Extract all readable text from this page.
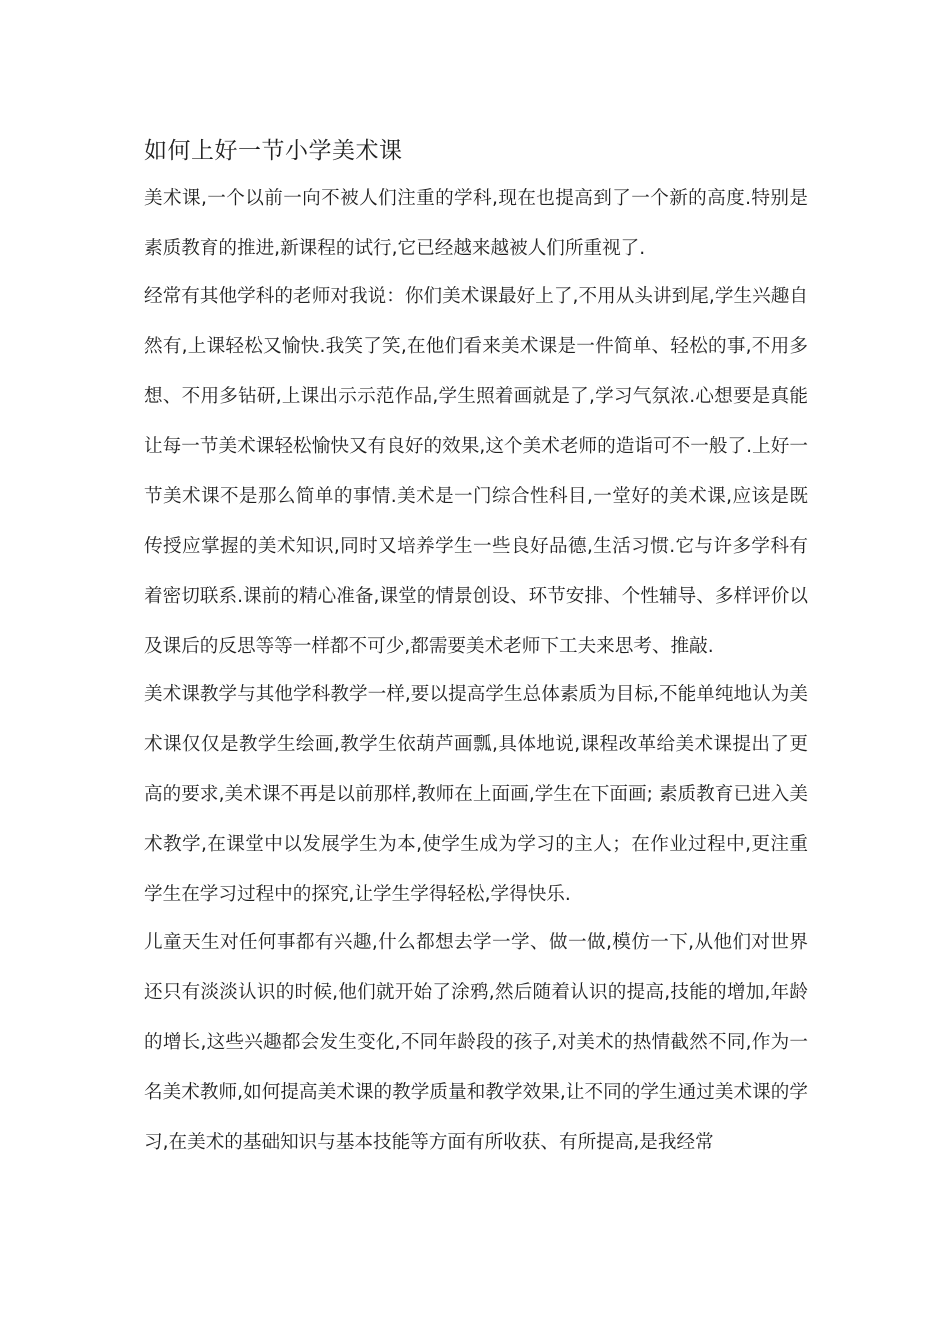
如何上好一节小学美术课

美术课,一个以前一向不被人们注重的学科,现在也提高到了一个新的高度.特别是素质教育的推进,新课程的试行,它已经越来越被人们所重视了.

经常有其他学科的老师对我说：你们美术课最好上了,不用从头讲到尾,学生兴趣自然有,上课轻松又愉快.我笑了笑,在他们看来美术课是一件简单、轻松的事,不用多想、不用多钻研,上课出示示范作品,学生照着画就是了,学习气氛浓.心想要是真能让每一节美术课轻松愉快又有良好的效果,这个美术老师的造诣可不一般了.上好一节美术课不是那么简单的事情.美术是一门综合性科目,一堂好的美术课,应该是既传授应掌握的美术知识,同时又培养学生一些良好品德,生活习惯.它与许多学科有着密切联系.课前的精心准备,课堂的情景创设、环节安排、个性辅导、多样评价以及课后的反思等等一样都不可少,都需要美术老师下工夫来思考、推敲.

美术课教学与其他学科教学一样,要以提高学生总体素质为目标,不能单纯地认为美术课仅仅是教学生绘画,教学生依葫芦画瓢,具体地说,课程改革给美术课提出了更高的要求,美术课不再是以前那样,教师在上面画,学生在下面画; 素质教育已进入美术教学,在课堂中以发展学生为本,使学生成为学习的主人；在作业过程中,更注重学生在学习过程中的探究,让学生学得轻松,学得快乐.

儿童天生对任何事都有兴趣,什么都想去学一学、做一做,模仿一下,从他们对世界还只有淡淡认识的时候,他们就开始了涂鸦,然后随着认识的提高,技能的增加,年龄的增长,这些兴趣都会发生变化,不同年龄段的孩子,对美术的热情截然不同,作为一名美术教师,如何提高美术课的教学质量和教学效果,让不同的学生通过美术课的学习,在美术的基础知识与基本技能等方面有所收获、有所提高,是我经常
